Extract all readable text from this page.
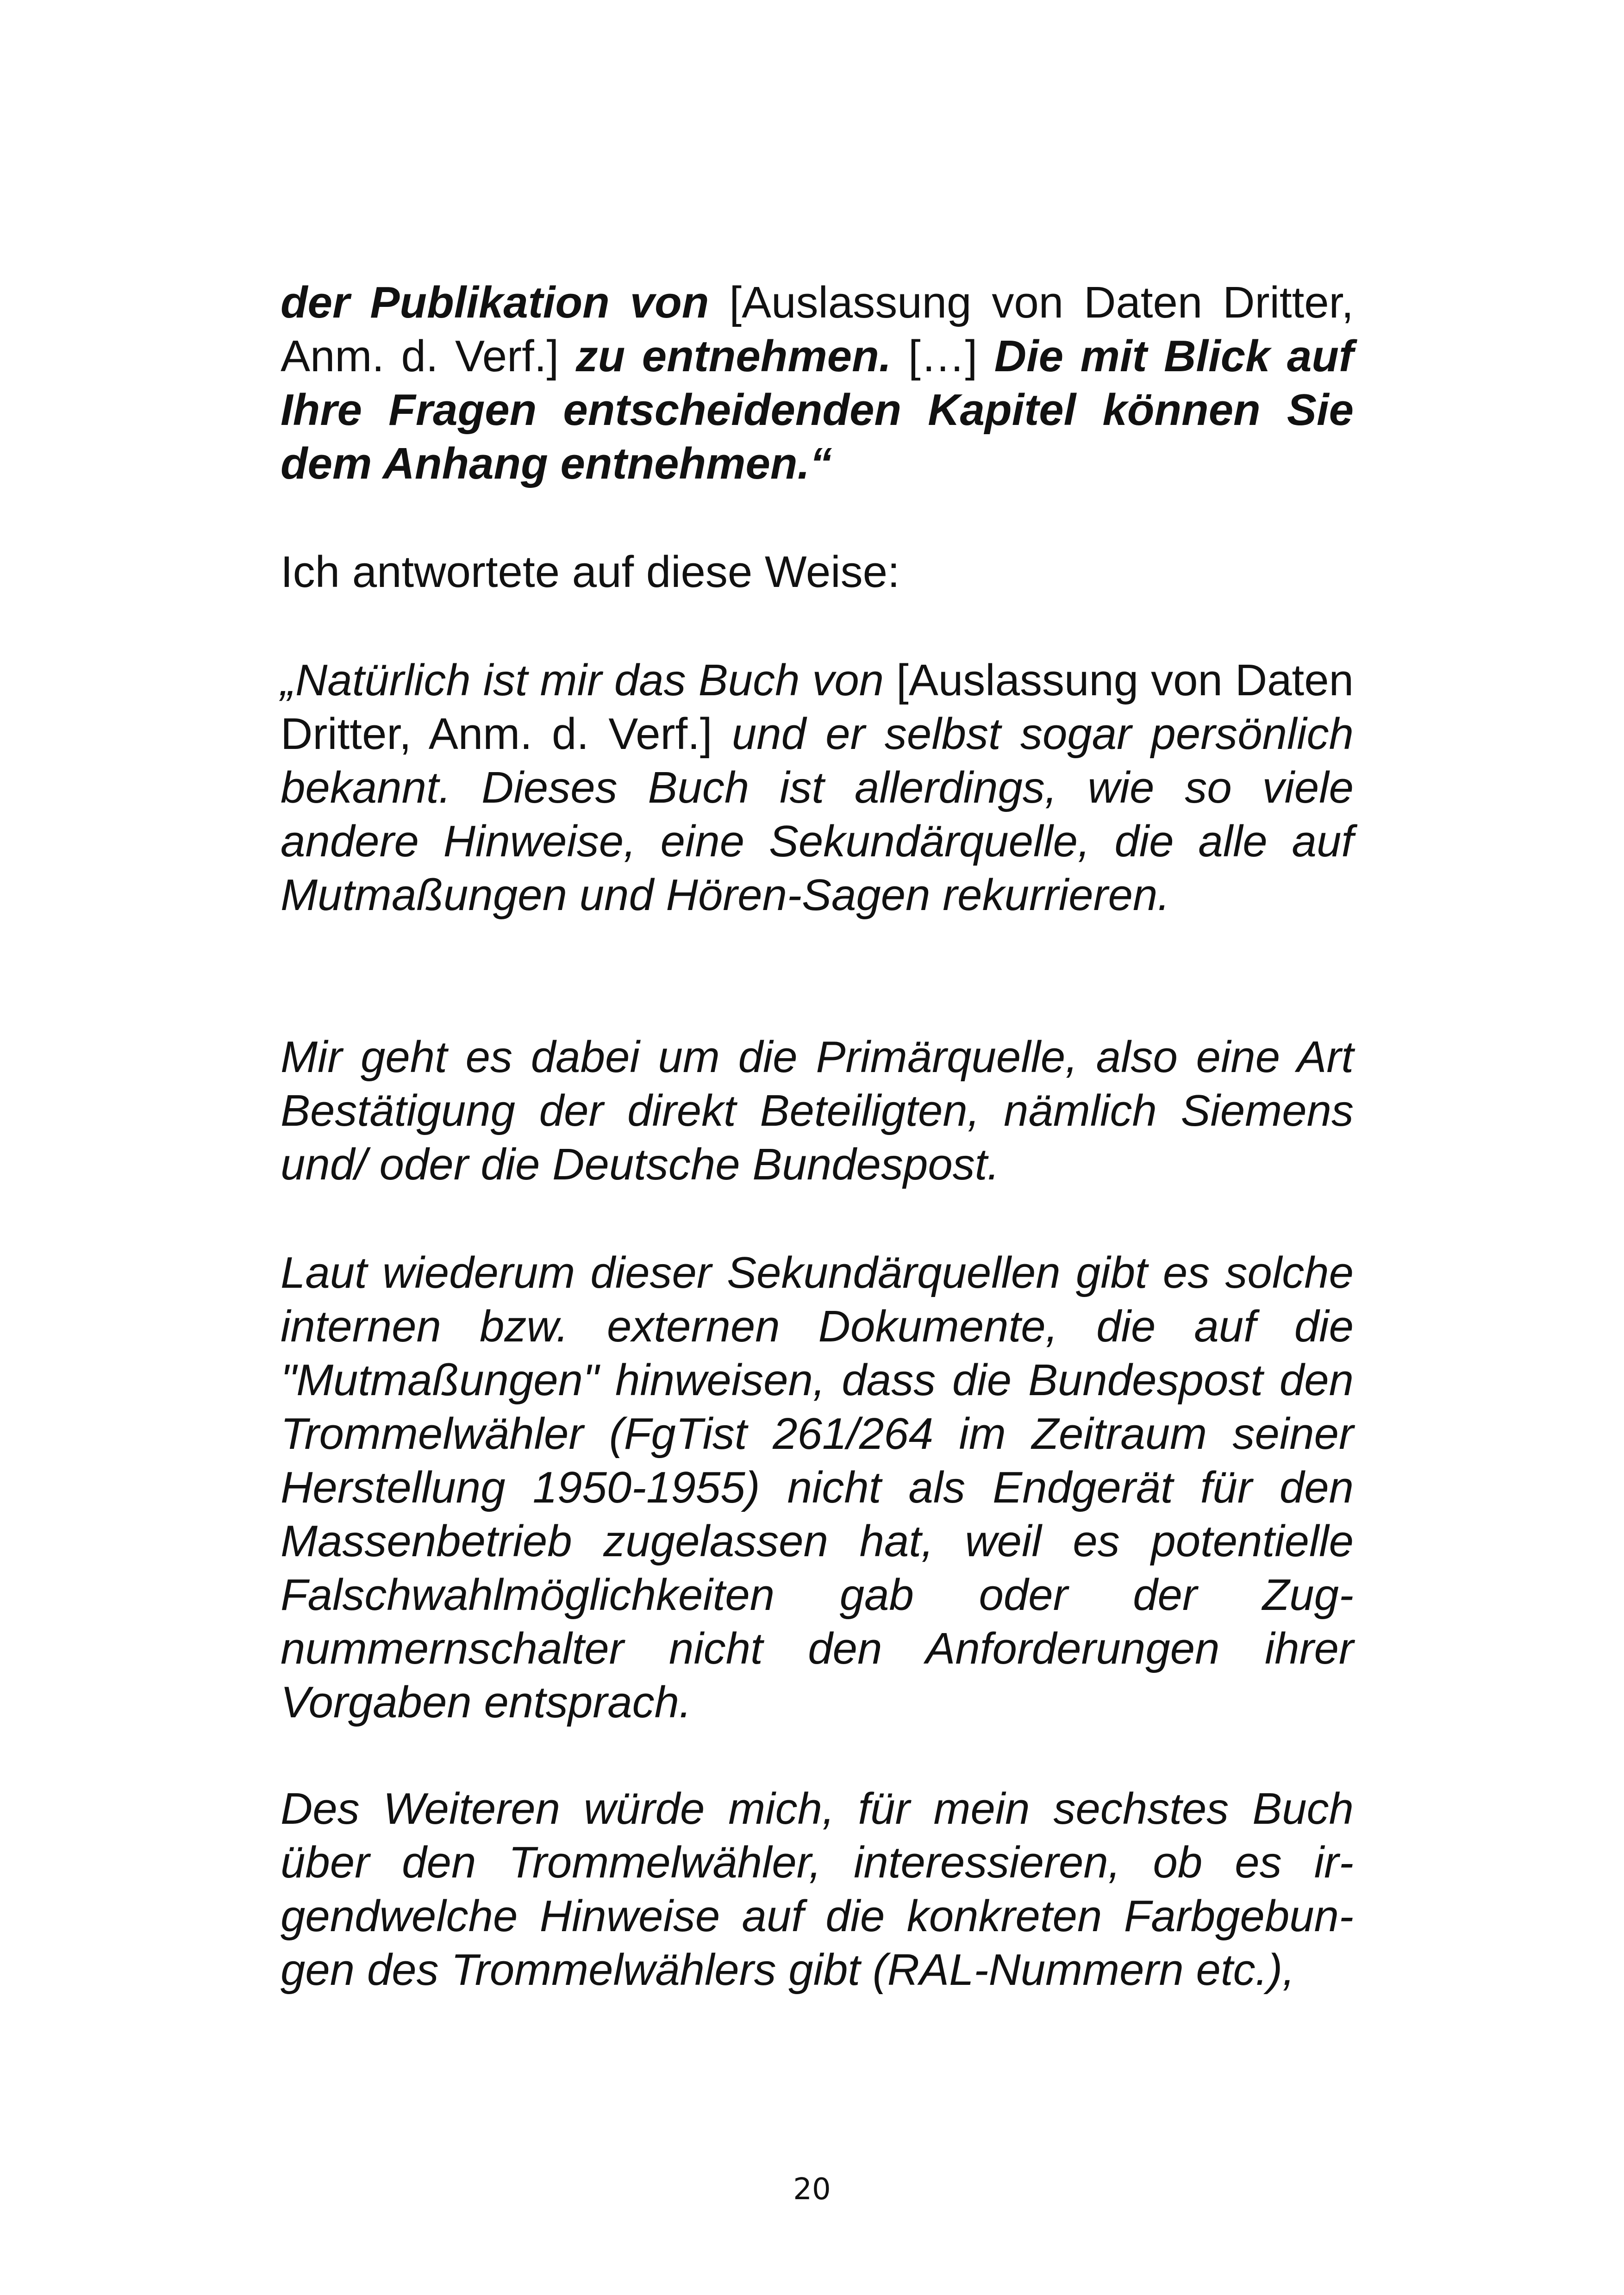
der Publikation von [Auslassung von Daten Dritter, Anm. d. Verf.] zu entnehmen. […] Die mit Blick auf Ihre Fragen entscheidenden Kapitel können Sie dem Anhang entnehmen.“

Ich antwortete auf diese Weise:

„Natürlich ist mir das Buch von [Auslassung von Daten Dritter, Anm. d. Verf.] und er selbst sogar persönlich bekannt. Dieses Buch ist allerdings, wie so viele andere Hinweise, eine Sekundärquelle, die alle auf Mutmaßungen und Hören-Sagen rekurrieren.

Mir geht es dabei um die Primärquelle, also eine Art Bestätigung der direkt Beteiligten, nämlich Siemens und/ oder die Deutsche Bundespost.

Laut wiederum dieser Sekundärquellen gibt es solche internen bzw. externen Dokumente, die auf die "Mutmaßungen" hinweisen, dass die Bundespost den Trommelwähler (FgTist 261/264 im Zeitraum seiner Herstellung 1950-1955) nicht als Endgerät für den Massenbetrieb zugelassen hat, weil es potentielle Falschwahlmöglichkeiten gab oder der Zugnummernschalter nicht den Anforderungen ihrer Vorgaben entsprach.

Des Weiteren würde mich, für mein sechstes Buch über den Trommelwähler, interessieren, ob es irgendwelche Hinweise auf die konkreten Farbgebungen des Trommelwählers gibt (RAL-Nummern etc.),

20
